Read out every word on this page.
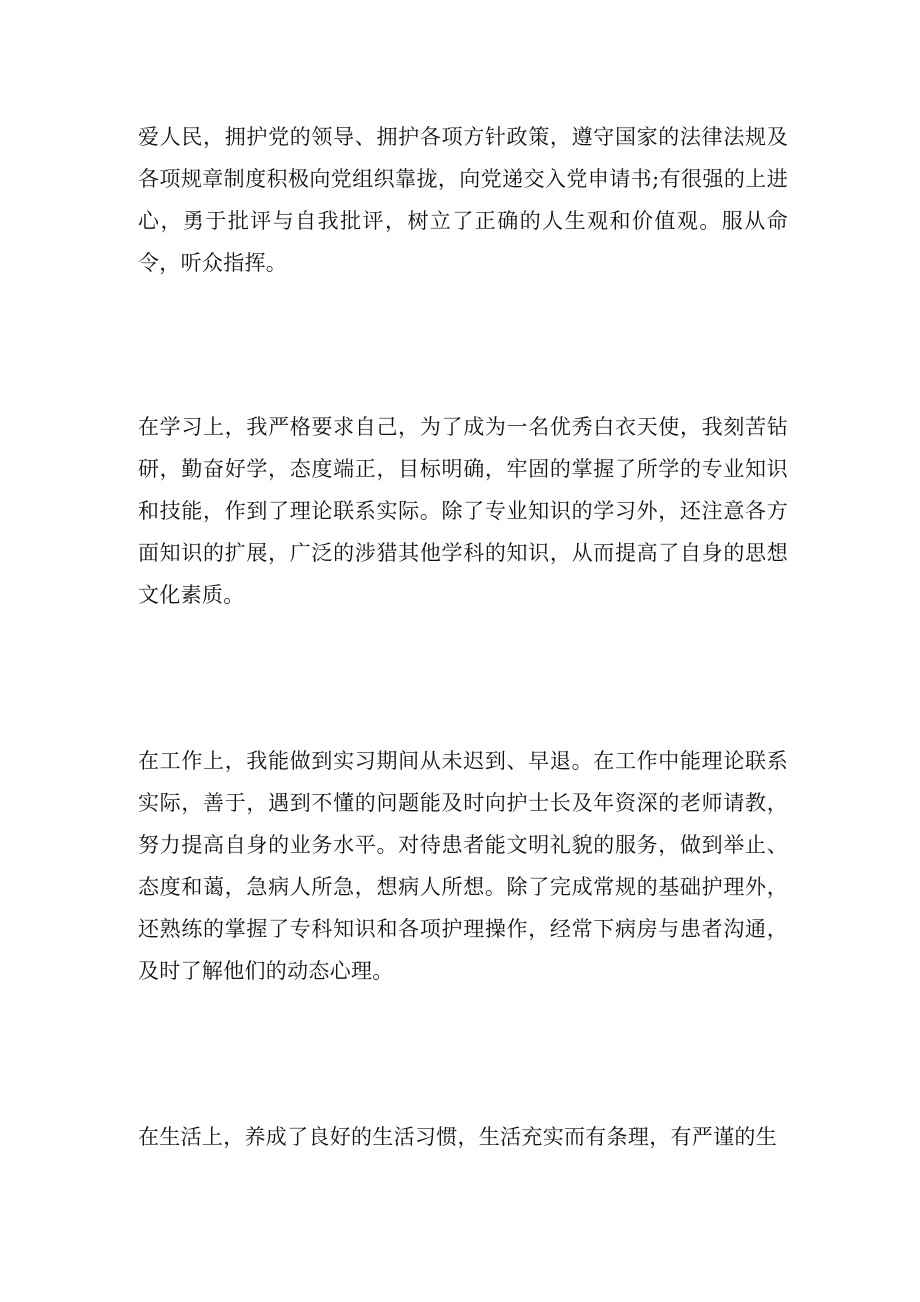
爱人民，拥护党的领导、拥护各项方针政策，遵守国家的法律法规及各项规章制度积极向党组织靠拢，向党递交入党申请书;有很强的上进心，勇于批评与自我批评，树立了正确的人生观和价值观。服从命令，听众指挥。

在学习上，我严格要求自己，为了成为一名优秀白衣天使，我刻苦钻研，勤奋好学，态度端正，目标明确，牢固的掌握了所学的专业知识和技能，作到了理论联系实际。除了专业知识的学习外，还注意各方面知识的扩展，广泛的涉猎其他学科的知识，从而提高了自身的思想文化素质。

在工作上，我能做到实习期间从未迟到、早退。在工作中能理论联系实际，善于，遇到不懂的问题能及时向护士长及年资深的老师请教，努力提高自身的业务水平。对待患者能文明礼貌的服务，做到举止、态度和蔼，急病人所急，想病人所想。除了完成常规的基础护理外，还熟练的掌握了专科知识和各项护理操作，经常下病房与患者沟通，及时了解他们的动态心理。

在生活上，养成了良好的生活习惯，生活充实而有条理，有严谨的生
